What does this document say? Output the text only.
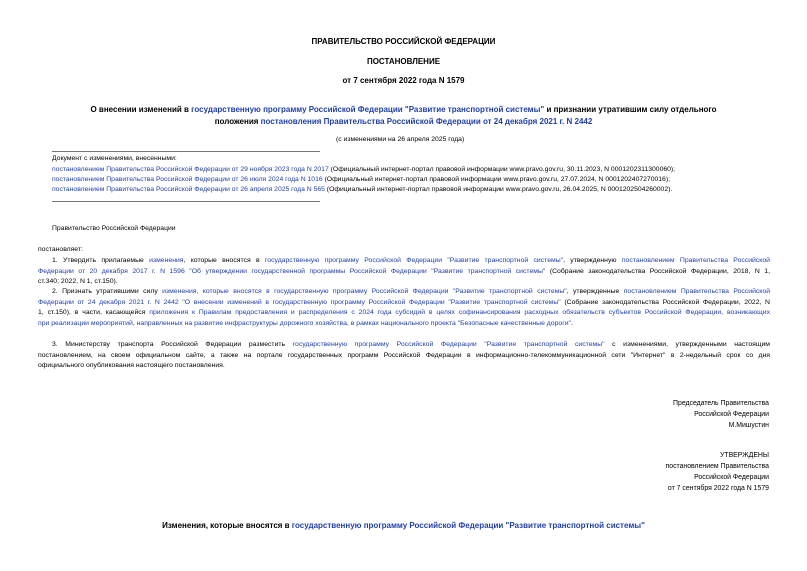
ПРАВИТЕЛЬСТВО РОССИЙСКОЙ ФЕДЕРАЦИИ
ПОСТАНОВЛЕНИЕ
от 7 сентября 2022 года N 1579
О внесении изменений в государственную программу Российской Федерации "Развитие транспортной системы" и признании утратившим силу отдельного
положения постановления Правительства Российской Федерации от 24 декабря 2021 г. N 2442
(с изменениями на 26 апреля 2025 года)
Документ с изменениями, внесенными:
постановлением Правительства Российской Федерации от 29 ноября 2023 года N 2017 (Официальный интернет-портал правовой информации www.pravo.gov.ru, 30.11.2023, N 0001202311300060);
постановлением Правительства Российской Федерации от 26 июля 2024 года N 1016 (Официальный интернет-портал правовой информации www.pravo.gov.ru, 27.07.2024, N 0001202407270016);
постановлением Правительства Российской Федерации от 26 апреля 2025 года N 565 (Официальный интернет-портал правовой информации www.pravo.gov.ru, 26.04.2025, N 0001202504260002).
Правительство Российской Федерации
постановляет:
1. Утвердить прилагаемые изменения, которые вносятся в государственную программу Российской Федерации "Развитие транспортной системы", утвержденную постановлением Правительства Российской
Федерации от 20 декабря 2017 г. N 1596 "Об утверждении государственной программы Российской Федерации "Развитие транспортной системы" (Собрание законодательства Российской Федерации, 2018, N 1,
ст.340; 2022, N 1, ст.150).
2. Признать утратившими силу изменения, которые вносятся в государственную программу Российской Федерации "Развитие транспортной системы", утвержденные постановлением Правительства Российской
Федерации от 24 декабря 2021 г. N 2442 "О внесении изменений в государственную программу Российской Федерации "Развитие транспортной системы" (Собрание законодательства Российской Федерации, 2022, N
1, ст.150), в части, касающейся приложения к Правилам предоставления и распределения с 2024 года субсидий в целях софинансирования расходных обязательств субъектов Российской Федерации, возникающих
при реализации мероприятий, направленных на развитие инфраструктуры дорожного хозяйства, в рамках национального проекта "Безопасные качественные дороги".
3. Министерству транспорта Российской Федерации разместить государственную программу Российской Федерации "Развитие транспортной системы" с изменениями, утвержденными настоящим
постановлением, на своем официальном сайте, а также на портале государственных программ Российской Федерации в информационно-телекоммуникационной сети "Интернет" в 2-недельный срок со дня
официального опубликования настоящего постановления.
Председатель Правительства
Российской Федерации
М.Мишустин
УТВЕРЖДЕНЫ
постановлением Правительства
Российской Федерации
от 7 сентября 2022 года N 1579
Изменения, которые вносятся в государственную программу Российской Федерации "Развитие транспортной системы"
